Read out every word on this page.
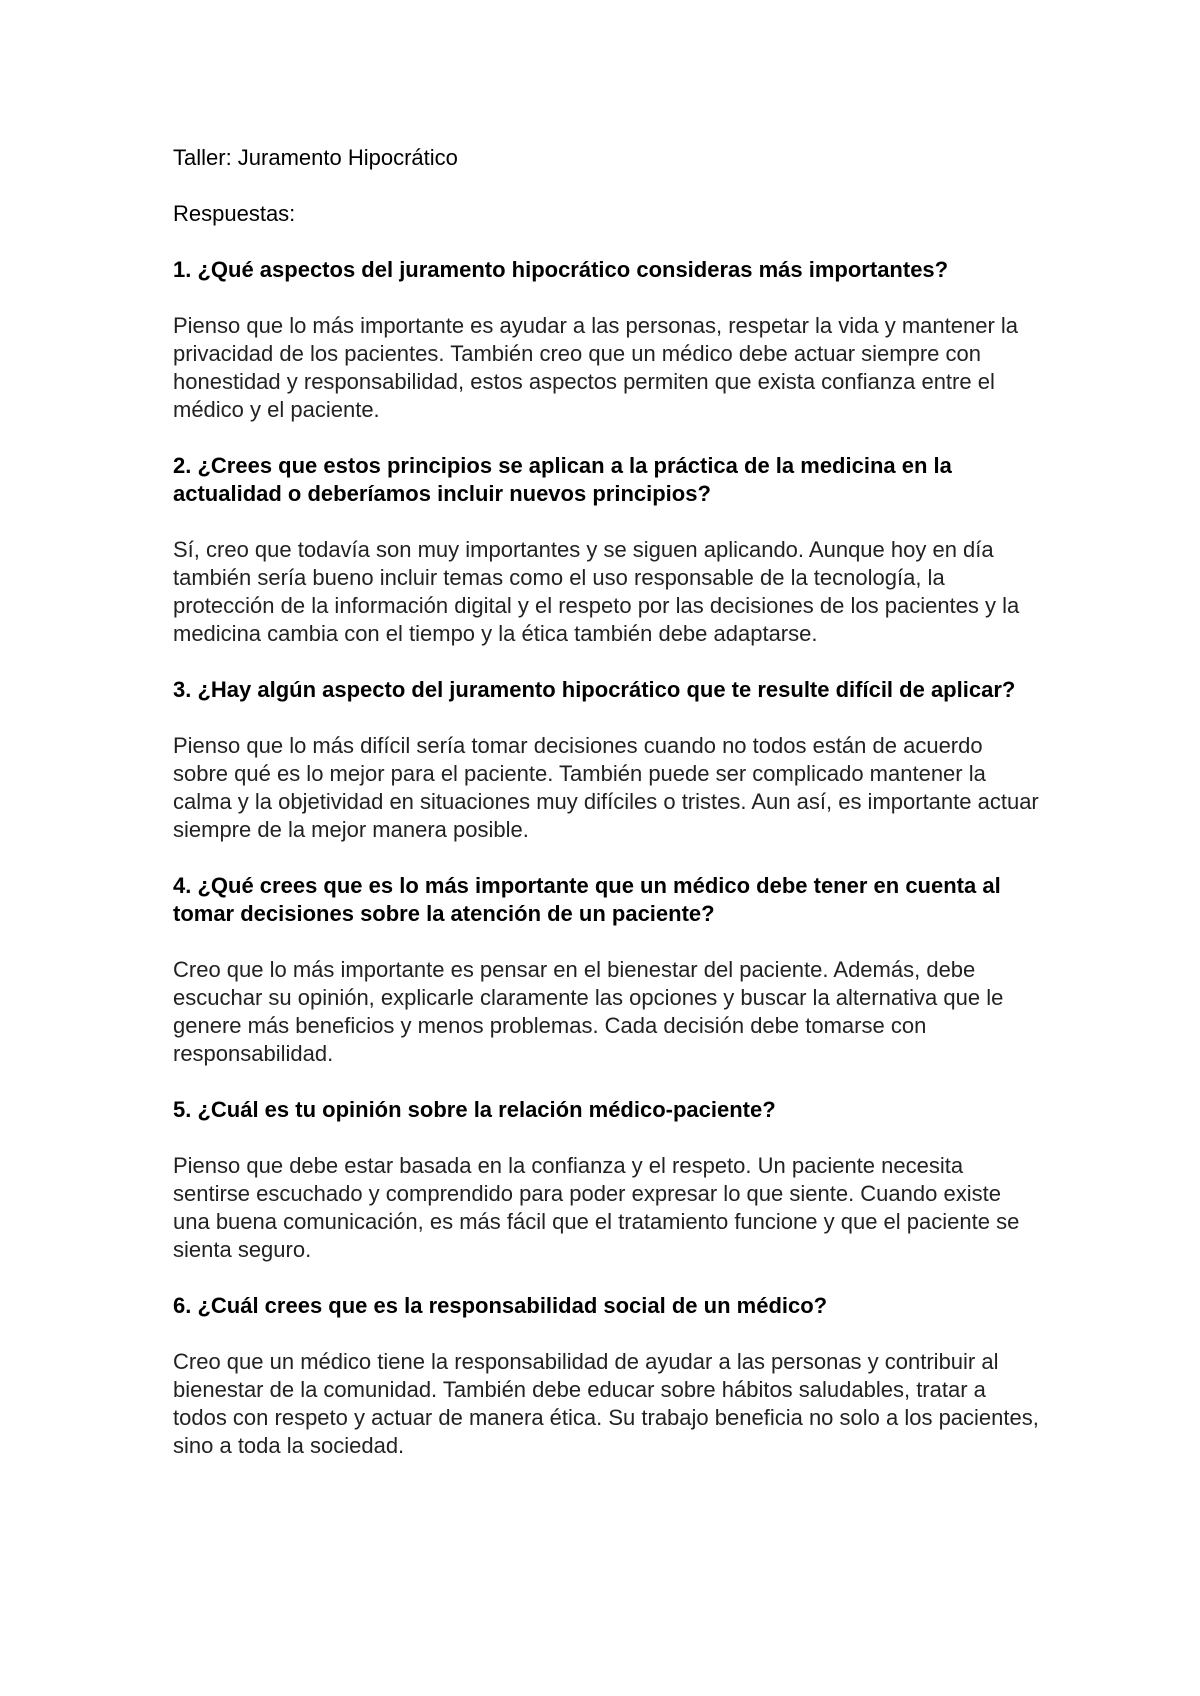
Taller: Juramento Hipocrático

Respuestas:

1. ¿Qué aspectos del juramento hipocrático consideras más importantes?

Pienso que lo más importante es ayudar a las personas, respetar la vida y mantener la privacidad de los pacientes. También creo que un médico debe actuar siempre con honestidad y responsabilidad, estos aspectos permiten que exista confianza entre el médico y el paciente.

2. ¿Crees que estos principios se aplican a la práctica de la medicina en la actualidad o deberíamos incluir nuevos principios?

Sí, creo que todavía son muy importantes y se siguen aplicando. Aunque hoy en día también sería bueno incluir temas como el uso responsable de la tecnología, la protección de la información digital y el respeto por las decisiones de los pacientes y la medicina cambia con el tiempo y la ética también debe adaptarse.

3. ¿Hay algún aspecto del juramento hipocrático que te resulte difícil de aplicar?

Pienso que lo más difícil sería tomar decisiones cuando no todos están de acuerdo sobre qué es lo mejor para el paciente. También puede ser complicado mantener la calma y la objetividad en situaciones muy difíciles o tristes. Aun así, es importante actuar siempre de la mejor manera posible.

4. ¿Qué crees que es lo más importante que un médico debe tener en cuenta al tomar decisiones sobre la atención de un paciente?

Creo que lo más importante es pensar en el bienestar del paciente. Además, debe escuchar su opinión, explicarle claramente las opciones y buscar la alternativa que le genere más beneficios y menos problemas. Cada decisión debe tomarse con responsabilidad.

5. ¿Cuál es tu opinión sobre la relación médico-paciente?

Pienso que debe estar basada en la confianza y el respeto. Un paciente necesita sentirse escuchado y comprendido para poder expresar lo que siente. Cuando existe una buena comunicación, es más fácil que el tratamiento funcione y que el paciente se sienta seguro.

6. ¿Cuál crees que es la responsabilidad social de un médico?

Creo que un médico tiene la responsabilidad de ayudar a las personas y contribuir al bienestar de la comunidad. También debe educar sobre hábitos saludables, tratar a todos con respeto y actuar de manera ética. Su trabajo beneficia no solo a los pacientes, sino a toda la sociedad.
